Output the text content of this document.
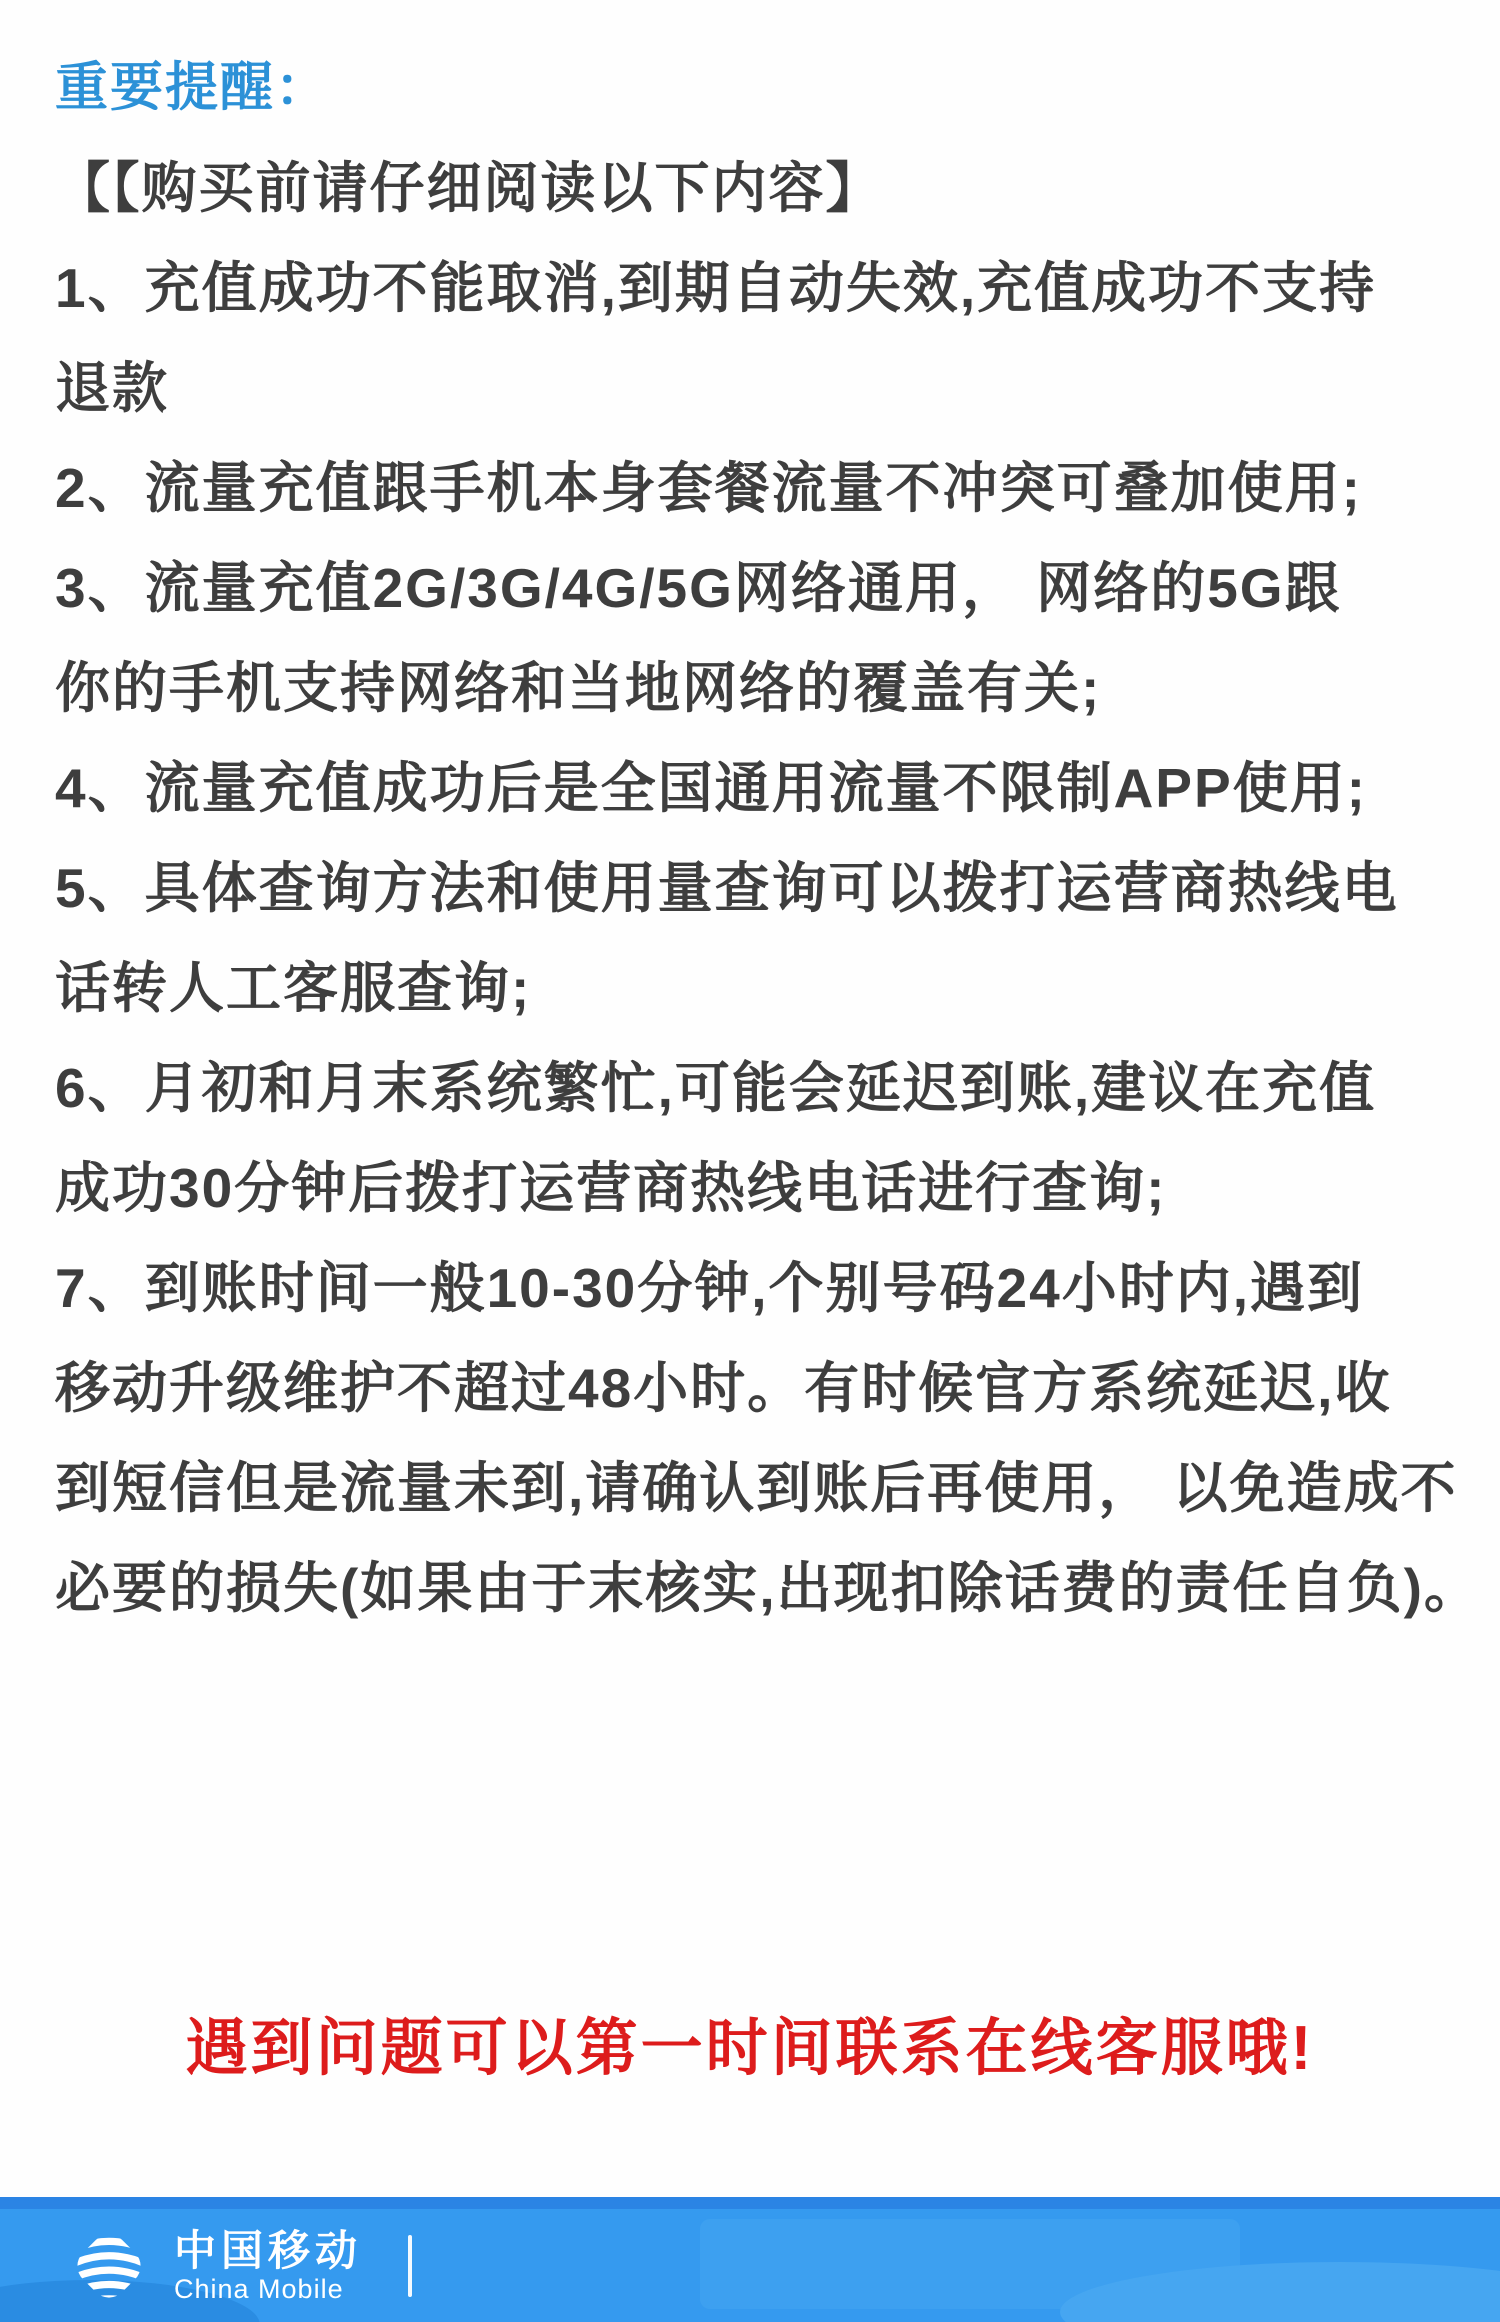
重要提醒：
【【购买前请仔细阅读以下内容】
1、充值成功不能取消,到期自动失效,充值成功不支持
退款
2、流量充值跟手机本身套餐流量不冲突可叠加使用;
3、流量充值2G/3G/4G/5G网络通用， 网络的5G跟
你的手机支持网络和当地网络的覆盖有关;
4、流量充值成功后是全国通用流量不限制APP使用;
5、具体查询方法和使用量查询可以拨打运营商热线电
话转人工客服查询;
6、月初和月末系统繁忙,可能会延迟到账,建议在充值
成功30分钟后拨打运营商热线电话进行查询;
7、到账时间一般10-30分钟,个别号码24小时内,遇到
移动升级维护不超过48小时。有时候官方系统延迟,收
到短信但是流量未到,请确认到账后再使用， 以免造成不
必要的损失(如果由于末核实,出现扣除话费的责任自负)。
遇到问题可以第一时间联系在线客服哦!
中国移动
China Mobile
